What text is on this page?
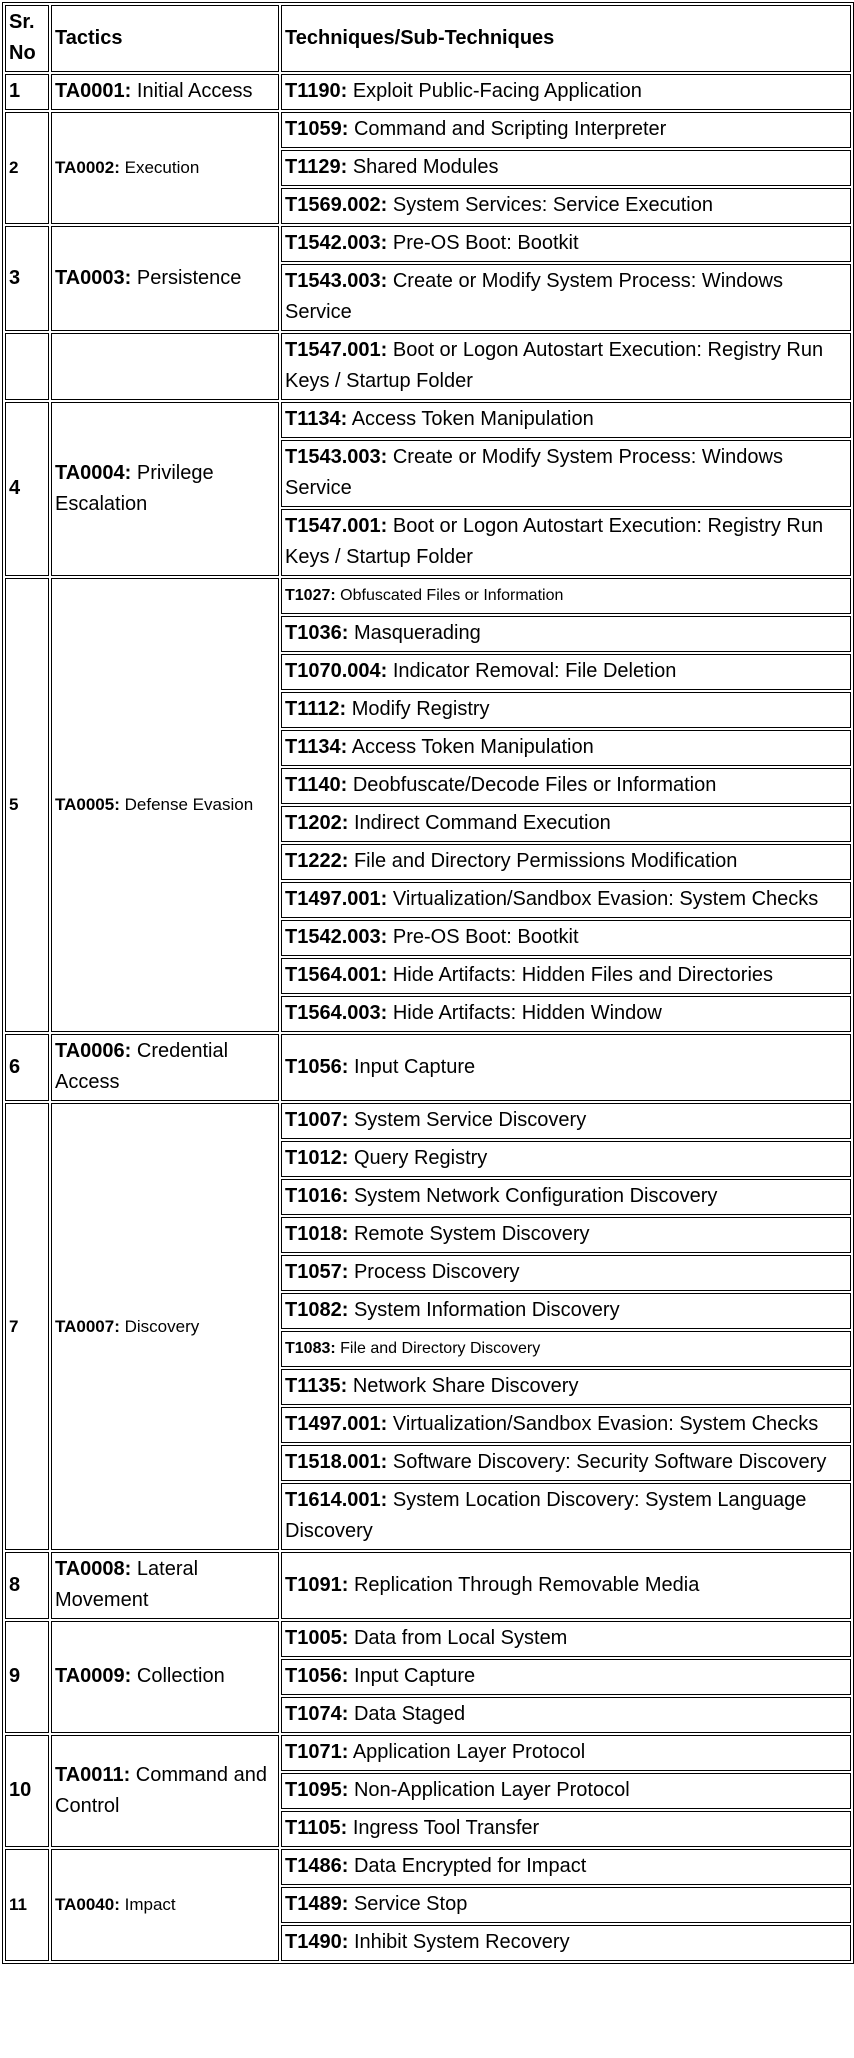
Sr. No	Tactics	Techniques/Sub-Techniques
1	TA0001: Initial Access	T1190: Exploit Public-Facing Application
2	TA0002: Execution	T1059: Command and Scripting Interpreter
		T1129: Shared Modules
		T1569.002: System Services: Service Execution
3	TA0003: Persistence	T1542.003: Pre-OS Boot: Bootkit
		T1543.003: Create or Modify System Process: Windows Service
		T1547.001: Boot or Logon Autostart Execution: Registry Run Keys / Startup Folder
4	TA0004: Privilege Escalation	T1134: Access Token Manipulation
		T1543.003: Create or Modify System Process: Windows Service
		T1547.001: Boot or Logon Autostart Execution: Registry Run Keys / Startup Folder
5	TA0005: Defense Evasion	T1027: Obfuscated Files or Information
		T1036: Masquerading
		T1070.004: Indicator Removal: File Deletion
		T1112: Modify Registry
		T1134: Access Token Manipulation
		T1140: Deobfuscate/Decode Files or Information
		T1202: Indirect Command Execution
		T1222: File and Directory Permissions Modification
		T1497.001: Virtualization/Sandbox Evasion: System Checks
		T1542.003: Pre-OS Boot: Bootkit
		T1564.001: Hide Artifacts: Hidden Files and Directories
		T1564.003: Hide Artifacts: Hidden Window
6	TA0006: Credential Access	T1056: Input Capture
7	TA0007: Discovery	T1007: System Service Discovery
		T1012: Query Registry
		T1016: System Network Configuration Discovery
		T1018: Remote System Discovery
		T1057: Process Discovery
		T1082: System Information Discovery
		T1083: File and Directory Discovery
		T1135: Network Share Discovery
		T1497.001: Virtualization/Sandbox Evasion: System Checks
		T1518.001: Software Discovery: Security Software Discovery
		T1614.001: System Location Discovery: System Language Discovery
8	TA0008: Lateral Movement	T1091: Replication Through Removable Media
9	TA0009: Collection	T1005: Data from Local System
		T1056: Input Capture
		T1074: Data Staged
10	TA0011: Command and Control	T1071: Application Layer Protocol
		T1095: Non-Application Layer Protocol
		T1105: Ingress Tool Transfer
11	TA0040: Impact	T1486: Data Encrypted for Impact
		T1489: Service Stop
		T1490: Inhibit System Recovery
